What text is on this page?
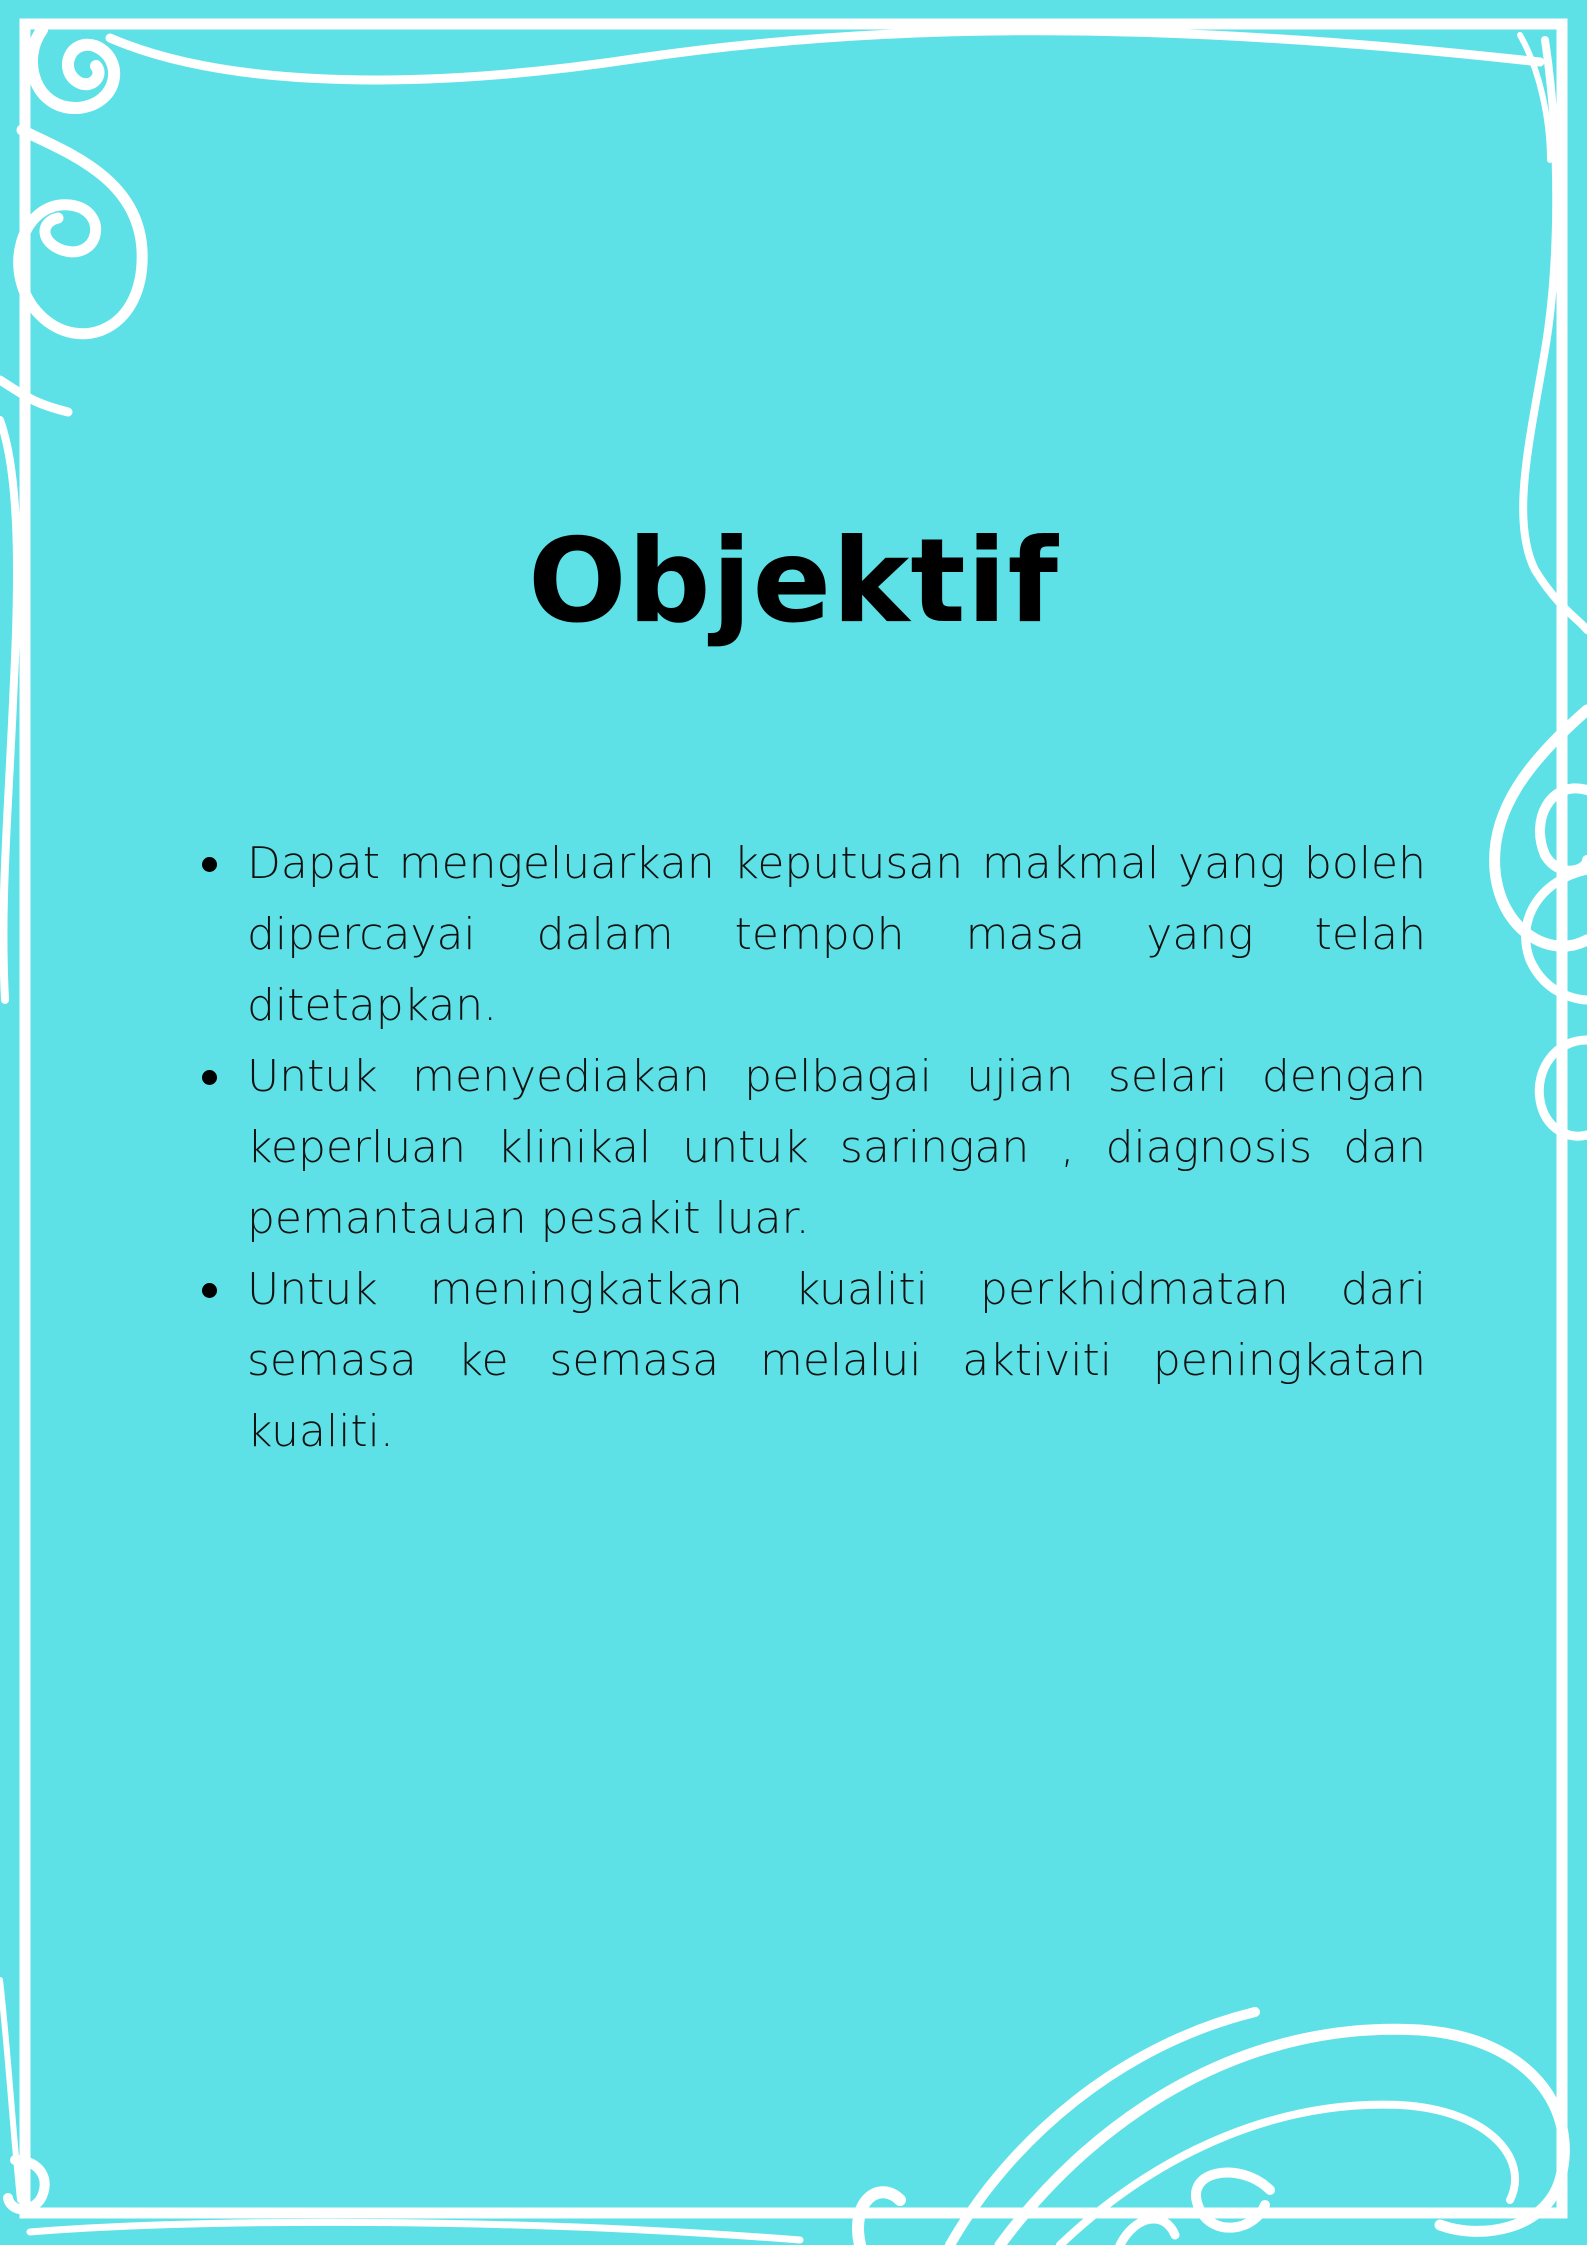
Objektif
Dapat mengeluarkan keputusan makmal yang boleh dipercayai dalam tempoh masa yang telah ditetapkan.
Untuk menyediakan pelbagai ujian selari dengan keperluan klinikal untuk saringan , diagnosis dan pemantauan pesakit luar.
Untuk meningkatkan kualiti perkhidmatan dari semasa ke semasa melalui aktiviti peningkatan kualiti.
